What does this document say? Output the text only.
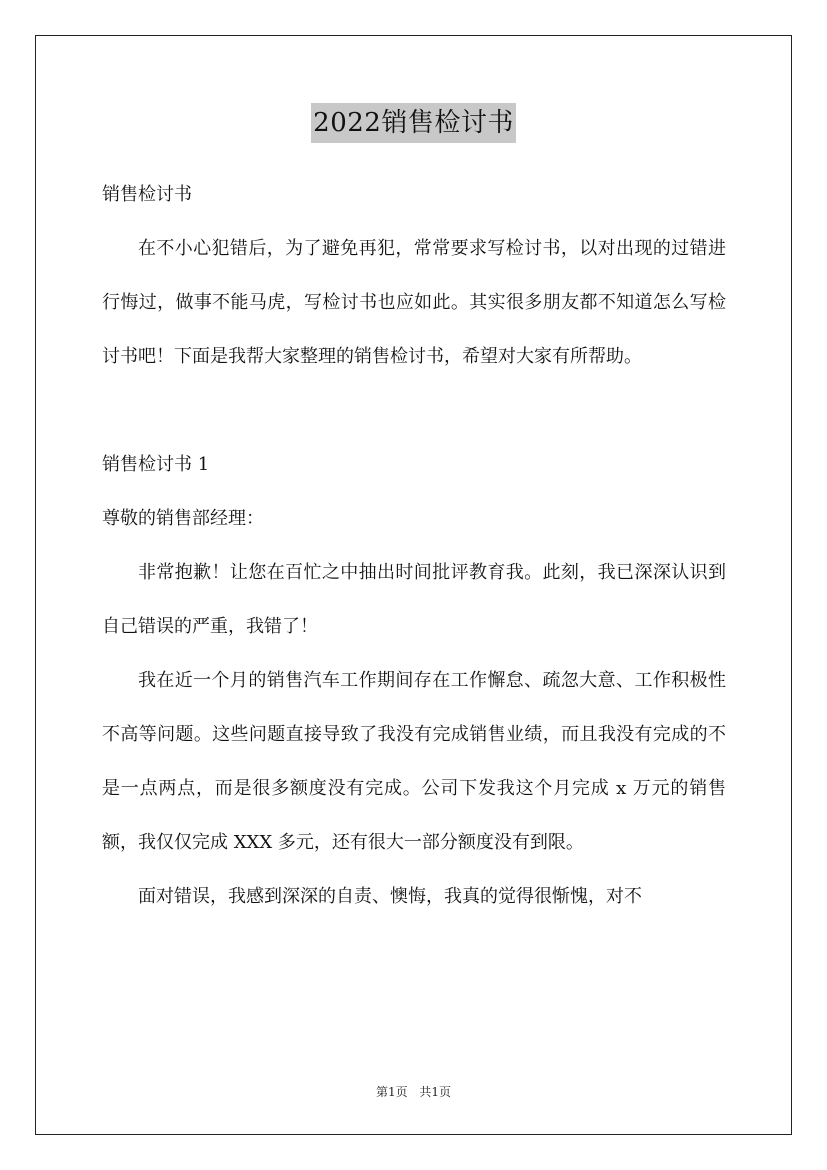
2022销售检讨书

销售检讨书

在不小心犯错后，为了避免再犯，常常要求写检讨书，以对出现的过错进行悔过，做事不能马虎，写检讨书也应如此。其实很多朋友都不知道怎么写检讨书吧！下面是我帮大家整理的销售检讨书，希望对大家有所帮助。

销售检讨书 1

尊敬的销售部经理：

非常抱歉！让您在百忙之中抽出时间批评教育我。此刻，我已深深认识到自己错误的严重，我错了！

我在近一个月的销售汽车工作期间存在工作懈怠、疏忽大意、工作积极性不高等问题。这些问题直接导致了我没有完成销售业绩，而且我没有完成的不是一点两点，而是很多额度没有完成。公司下发我这个月完成 x 万元的销售额，我仅仅完成 XXX 多元，还有很大一部分额度没有到限。

面对错误，我感到深深的自责、懊悔，我真的觉得很惭愧，对不

第1页 共1页
